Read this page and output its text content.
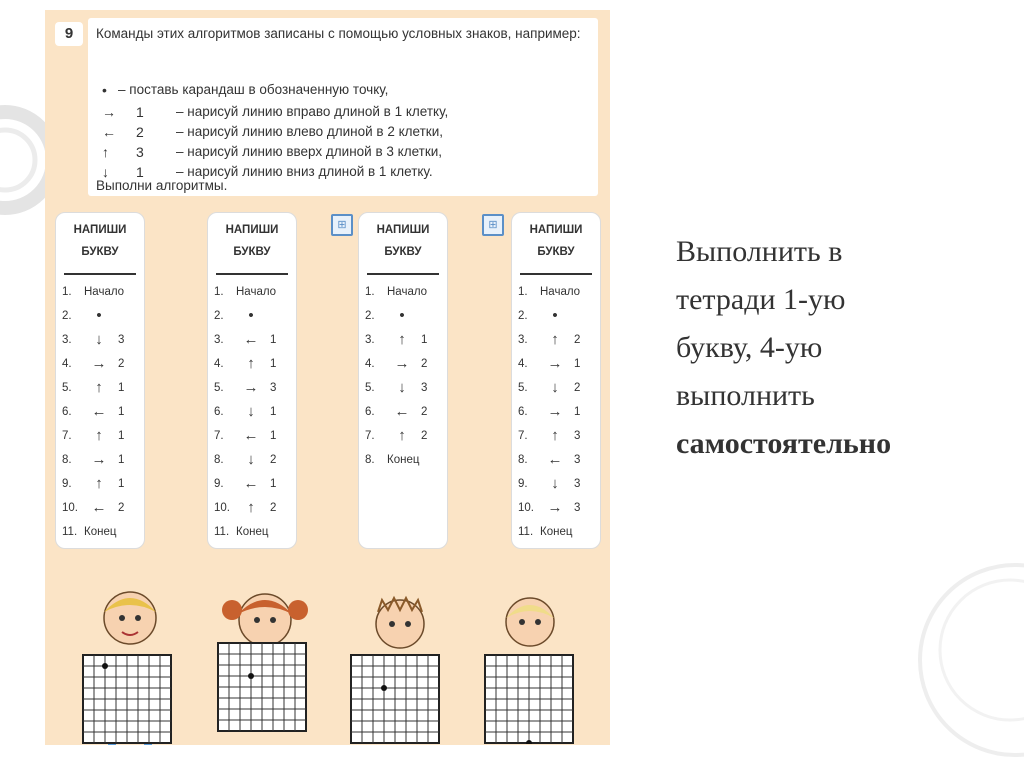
9	Команды этих алгоритмов записаны с помощью условных знаков, например:
• – поставь карандаш в обозначенную точку,
→	1	– нарисуй линию вправо длиной в 1 клетку,
←	2	– нарисуй линию влево длиной в 2 клетки,
↑	3	– нарисуй линию вверх длиной в 3 клетки,
↓	1	– нарисуй линию вниз длиной в 1 клетку.
Выполни алгоритмы.
⊞	⊞
НАПИШИ
БУКВУ
1. Начало
2.	•
3.	↓	3
4.	→	2
5.	↑	1
6.	←	1
7.	↑	1
8.	→	1
9.	↑	1
10. ←	2
11. Конец
НАПИШИ
БУКВУ
1. Начало
2.	•
3.	←	1
4.	↑	1
5.	→	3
6.	↓	1
7.	←	1
8.	↓	2
9.	←	1
10.	↑	2
11. Конец
НАПИШИ
БУКВУ
1. Начало
2.	•
3.	↑	1
4.	→	2
5.	↓	3
6.	←	2
7.	↑	2
8. Конец
НАПИШИ
БУКВУ
1. Начало
2.	•
3.	↑	2
4.	→	1
5.	↓	2
6.	→	1
7.	↑	3
8.	←	3
9.	↓	3
10. →	3
11. Конец
Выполнить в
тетради 1-ую
букву, 4-ую
выполнить
самостоятельно
